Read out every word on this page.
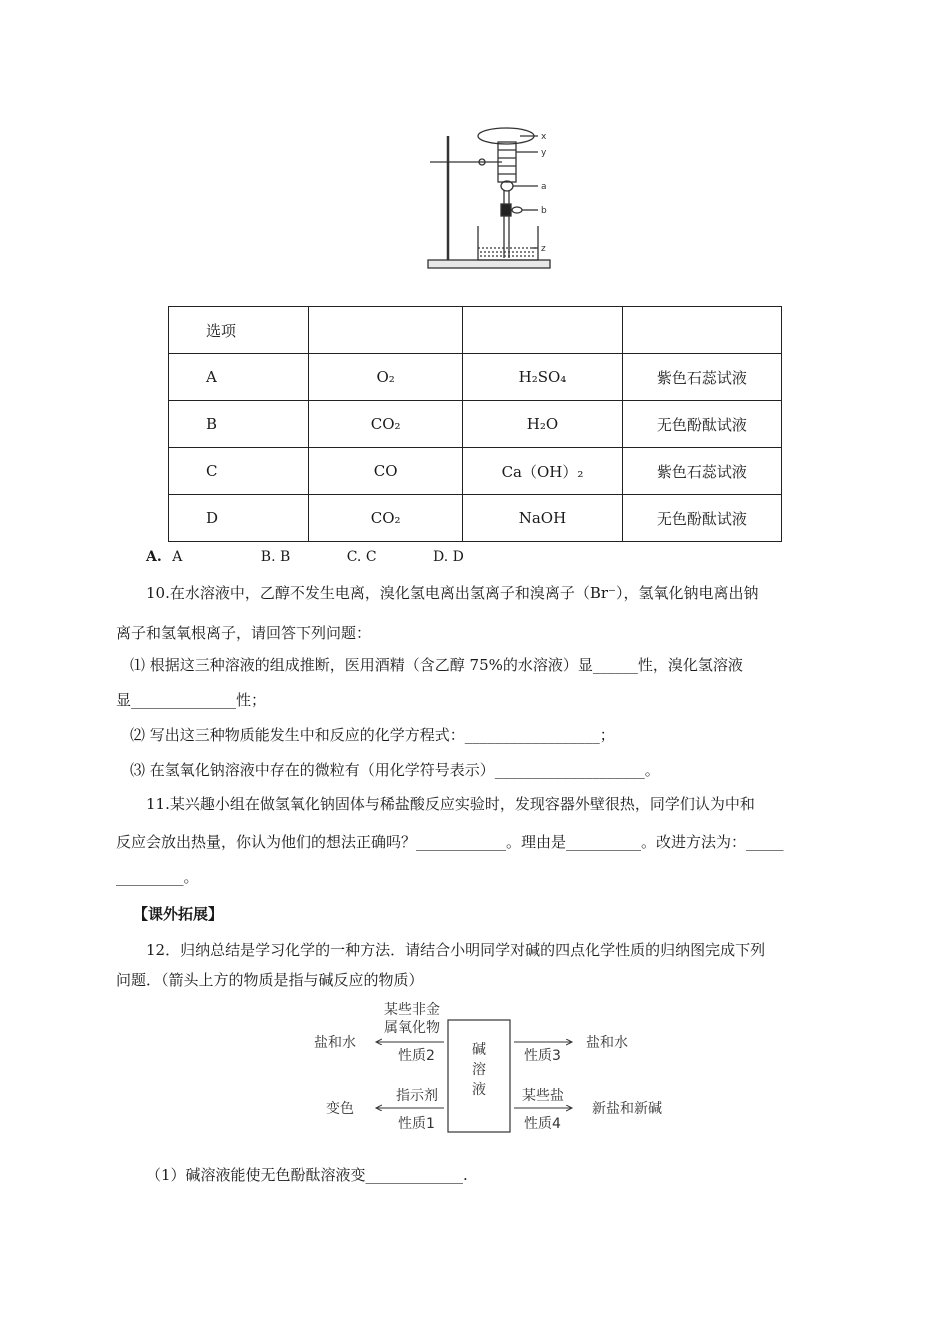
x
y
a
b
z
选项			
A	O₂	H₂SO₄	紫色石蕊试液
B	CO₂	H₂O	无色酚酞试液
C	CO	Ca（OH）₂	紫色石蕊试液
D	CO₂	NaOH	无色酚酞试液
A. A	B. B	C. C	D. D
10.在水溶液中，乙醇不发生电离，溴化氢电离出氢离子和溴离子（Br⁻），氢氧化钠电离出钠
离子和氢氧根离子，请回答下列问题：
⑴ 根据这三种溶液的组成推断，医用酒精（含乙醇 75%的水溶液）显______性，溴化氢溶液
显______________性；
⑵ 写出这三种物质能发生中和反应的化学方程式：__________________；
⑶ 在氢氧化钠溶液中存在的微粒有（用化学符号表示）____________________。
11.某兴趣小组在做氢氧化钠固体与稀盐酸反应实验时，发现容器外壁很热，同学们认为中和
反应会放出热量，你认为他们的想法正确吗？____________。理由是__________。改进方法为：_____
_________。
【课外拓展】
12．归纳总结是学习化学的一种方法．请结合小明同学对碱的四点化学性质的归纳图完成下列
问题．（箭头上方的物质是指与碱反应的物质）
（1）碱溶液能使无色酚酞溶液变_____________.
碱
溶
液
某些非金
属氧化物
性质2
盐和水
指示剂
性质1
变色
性质3
盐和水
某些盐
性质4
新盐和新碱
